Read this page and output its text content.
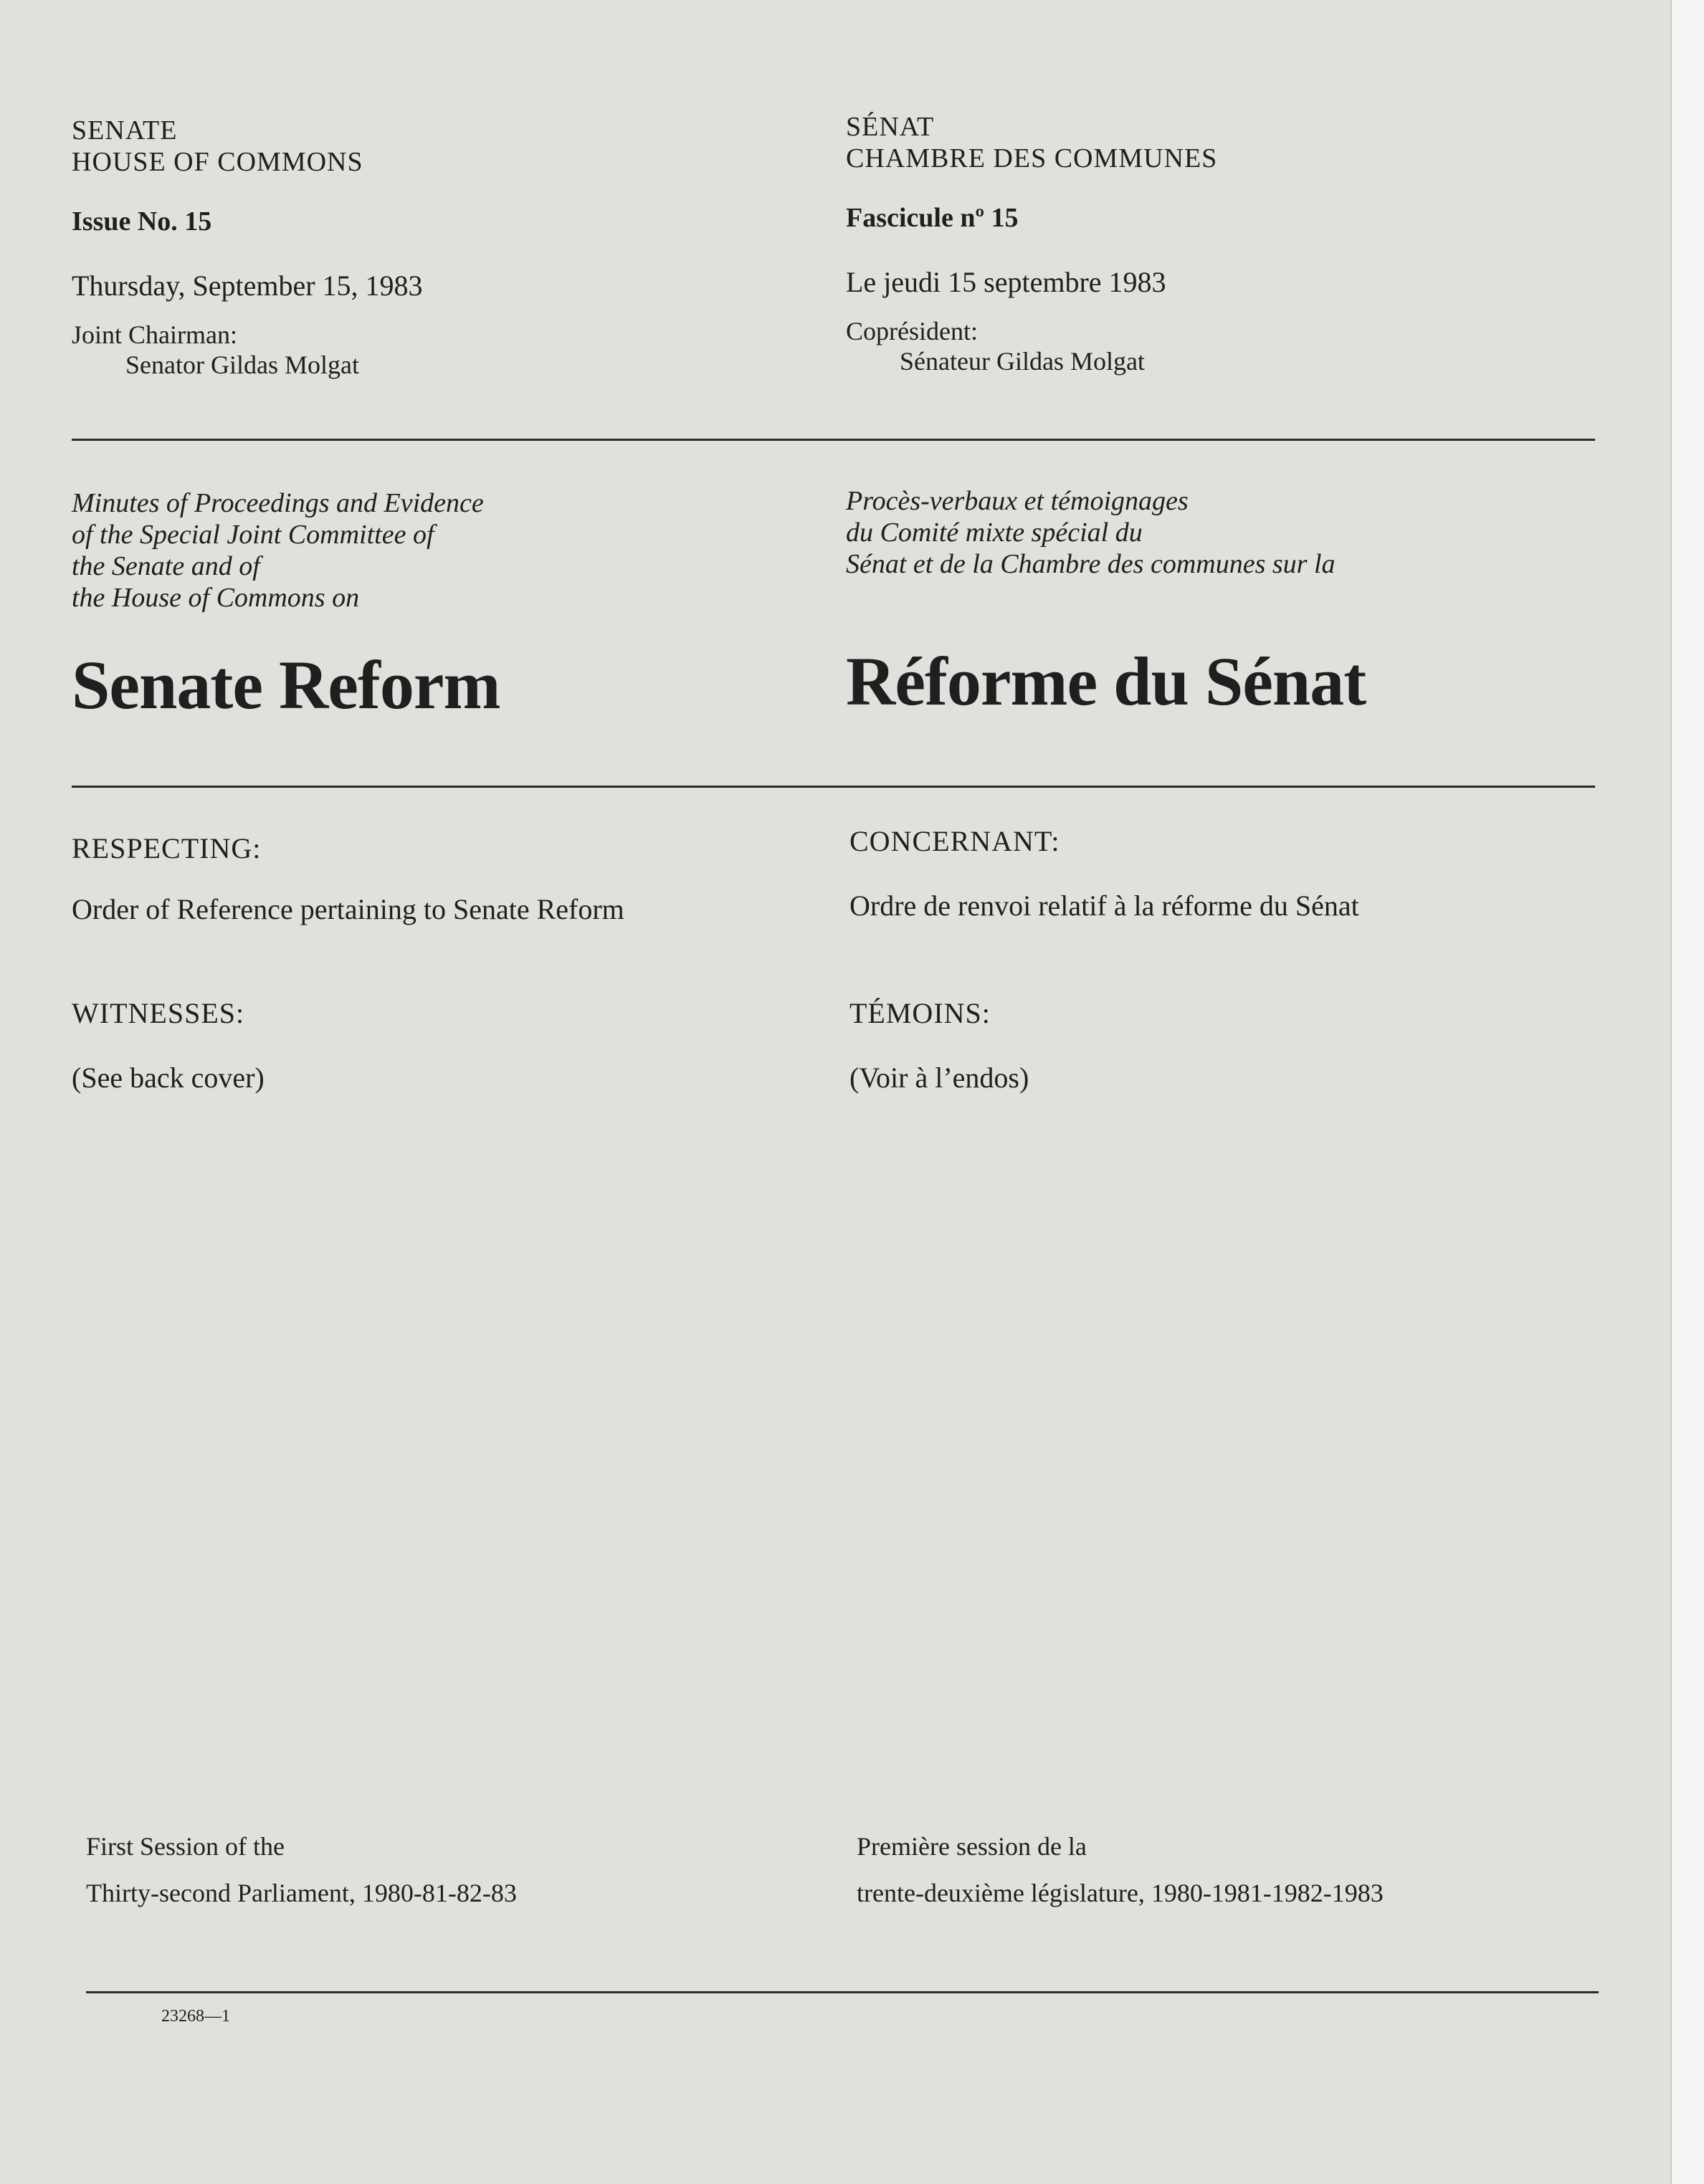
SENATE
HOUSE OF COMMONS
Issue No. 15
Thursday, September 15, 1983
Joint Chairman:
Senator Gildas Molgat
Minutes of Proceedings and Evidence
of the Special Joint Committee of
the Senate and of
the House of Commons on
Senate Reform
RESPECTING:
Order of Reference pertaining to Senate Reform
WITNESSES:
(See back cover)
First Session of the
Thirty-second Parliament, 1980-81-82-83
23268—1
SÉNAT
CHAMBRE DES COMMUNES
Fascicule nº 15
Le jeudi 15 septembre 1983
Coprésident:
Sénateur Gildas Molgat
Procès-verbaux et témoignages
du Comité mixte spécial du
Sénat et de la Chambre des communes sur la
Réforme du Sénat
CONCERNANT:
Ordre de renvoi relatif à la réforme du Sénat
TÉMOINS:
(Voir à l’endos)
Première session de la
trente-deuxième législature, 1980-1981-1982-1983
